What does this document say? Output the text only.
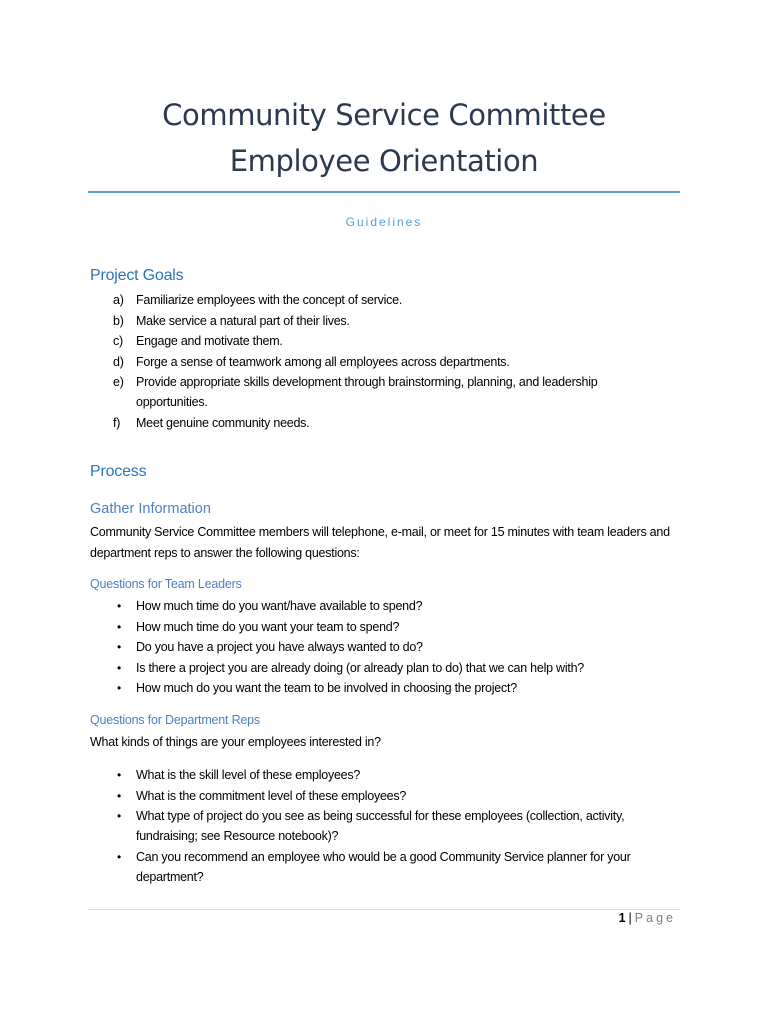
Community Service Committee
Employee Orientation
Guidelines
Project Goals
a) Familiarize employees with the concept of service.
b) Make service a natural part of their lives.
c) Engage and motivate them.
d) Forge a sense of teamwork among all employees across departments.
e) Provide appropriate skills development through brainstorming, planning, and leadership opportunities.
f) Meet genuine community needs.
Process
Gather Information
Community Service Committee members will telephone, e-mail, or meet for 15 minutes with team leaders and department reps to answer the following questions:
Questions for Team Leaders
• How much time do you want/have available to spend?
• How much time do you want your team to spend?
• Do you have a project you have always wanted to do?
• Is there a project you are already doing (or already plan to do) that we can help with?
• How much do you want the team to be involved in choosing the project?
Questions for Department Reps
What kinds of things are your employees interested in?
• What is the skill level of these employees?
• What is the commitment level of these employees?
• What type of project do you see as being successful for these employees (collection, activity, fundraising; see Resource notebook)?
• Can you recommend an employee who would be a good Community Service planner for your department?
1 | Page
